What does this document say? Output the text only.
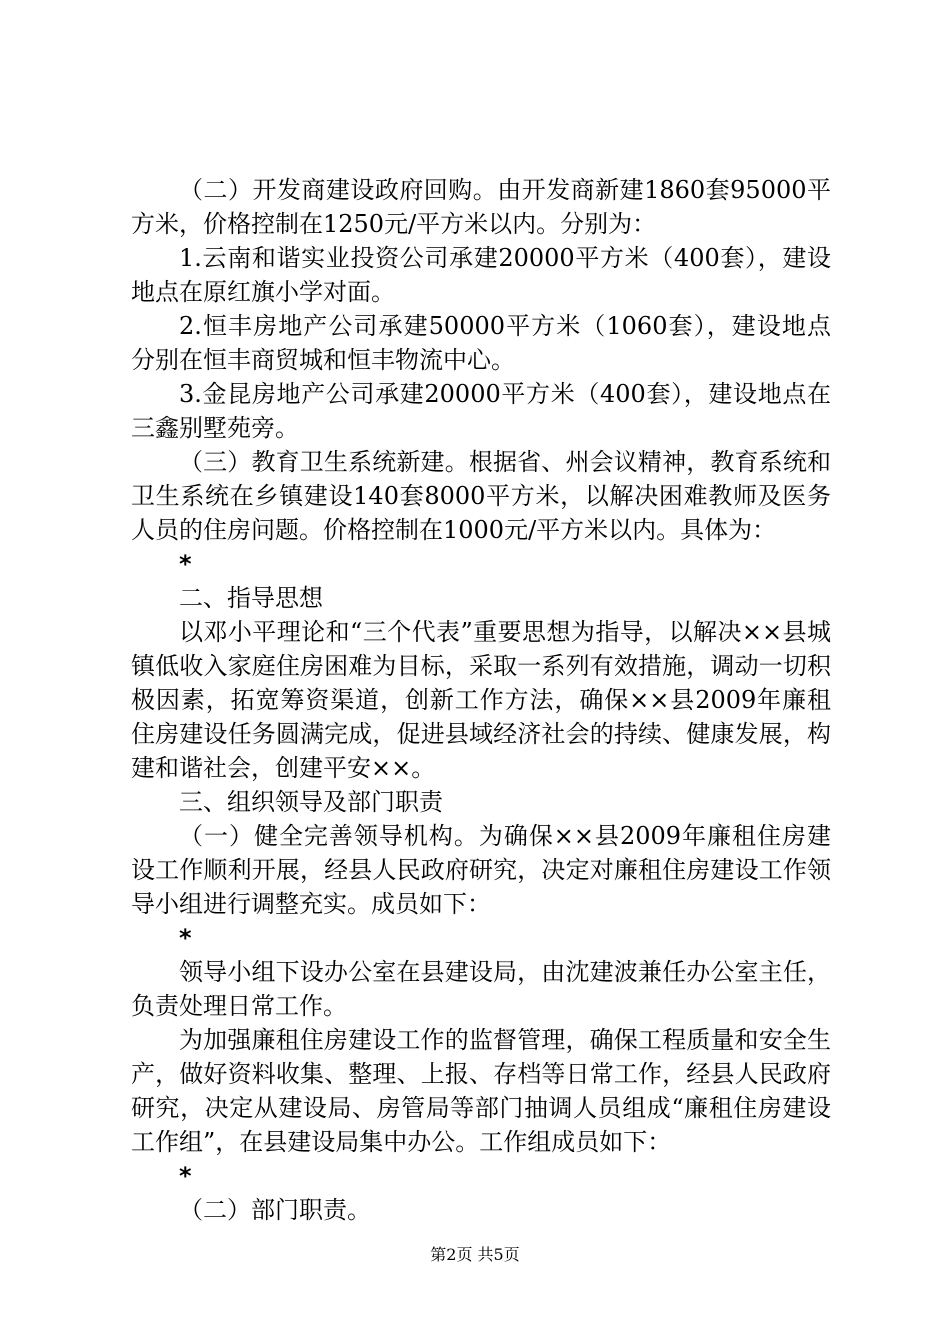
（二）开发商建设政府回购。由开发商新建1860套95000平方米，价格控制在1250元/平方米以内。分别为：

1.云南和谐实业投资公司承建20000平方米（400套），建设地点在原红旗小学对面。

2.恒丰房地产公司承建50000平方米（1060套），建设地点分别在恒丰商贸城和恒丰物流中心。

3.金昆房地产公司承建20000平方米（400套），建设地点在三鑫别墅苑旁。

（三）教育卫生系统新建。根据省、州会议精神，教育系统和卫生系统在乡镇建设140套8000平方米，以解决困难教师及医务人员的住房问题。价格控制在1000元/平方米以内。具体为：

*

二、指导思想

以邓小平理论和“三个代表”重要思想为指导，以解决××县城镇低收入家庭住房困难为目标，采取一系列有效措施，调动一切积极因素，拓宽筹资渠道，创新工作方法，确保××县2009年廉租住房建设任务圆满完成，促进县域经济社会的持续、健康发展，构建和谐社会，创建平安××。

三、组织领导及部门职责

（一）健全完善领导机构。为确保××县2009年廉租住房建设工作顺利开展，经县人民政府研究，决定对廉租住房建设工作领导小组进行调整充实。成员如下：

*

领导小组下设办公室在县建设局，由沈建波兼任办公室主任，负责处理日常工作。

为加强廉租住房建设工作的监督管理，确保工程质量和安全生产，做好资料收集、整理、上报、存档等日常工作，经县人民政府研究，决定从建设局、房管局等部门抽调人员组成“廉租住房建设工作组”，在县建设局集中办公。工作组成员如下：

*

（二）部门职责。

第2页 共5页
